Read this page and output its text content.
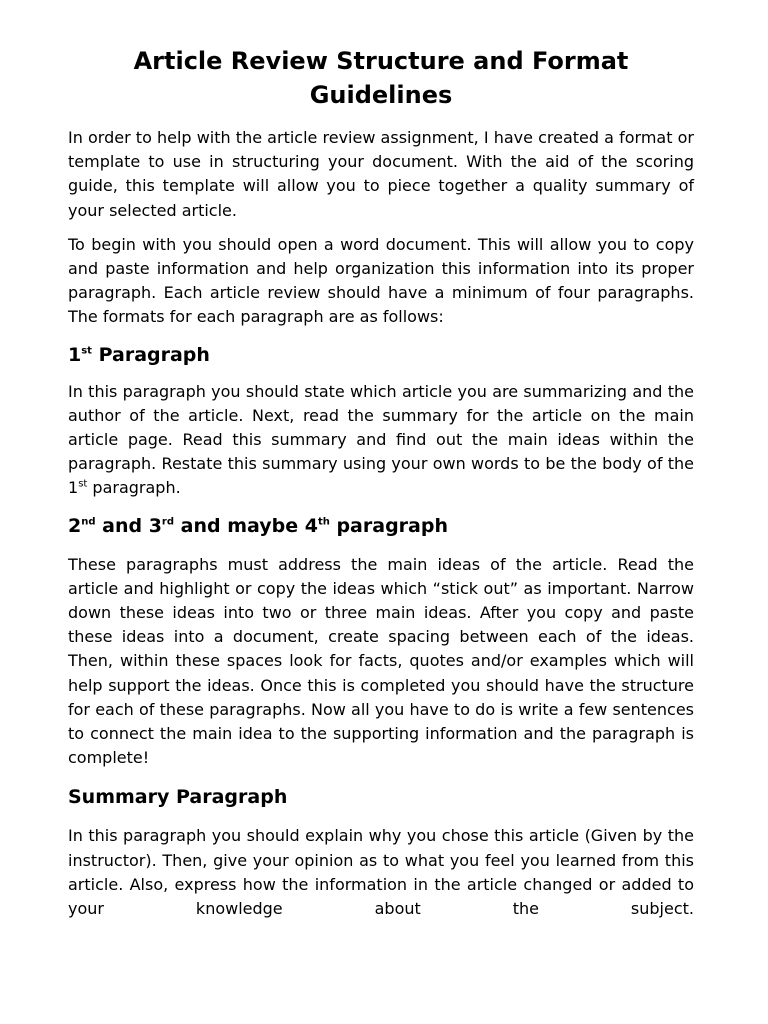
Article Review Structure and Format Guidelines

In order to help with the article review assignment, I have created a format or template to use in structuring your document. With the aid of the scoring guide, this template will allow you to piece together a quality summary of your selected article.

To begin with you should open a word document. This will allow you to copy and paste information and help organization this information into its proper paragraph. Each article review should have a minimum of four paragraphs. The formats for each paragraph are as follows:

1st Paragraph

In this paragraph you should state which article you are summarizing and the author of the article. Next, read the summary for the article on the main article page. Read this summary and find out the main ideas within the paragraph. Restate this summary using your own words to be the body of the 1st paragraph.

2nd and 3rd and maybe 4th paragraph

These paragraphs must address the main ideas of the article. Read the article and highlight or copy the ideas which “stick out” as important. Narrow down these ideas into two or three main ideas. After you copy and paste these ideas into a document, create spacing between each of the ideas. Then, within these spaces look for facts, quotes and/or examples which will help support the ideas. Once this is completed you should have the structure for each of these paragraphs. Now all you have to do is write a few sentences to connect the main idea to the supporting information and the paragraph is complete!

Summary Paragraph

In this paragraph you should explain why you chose this article (Given by the instructor). Then, give your opinion as to what you feel you learned from this article. Also, express how the information in the article changed or added to your knowledge about the subject.
